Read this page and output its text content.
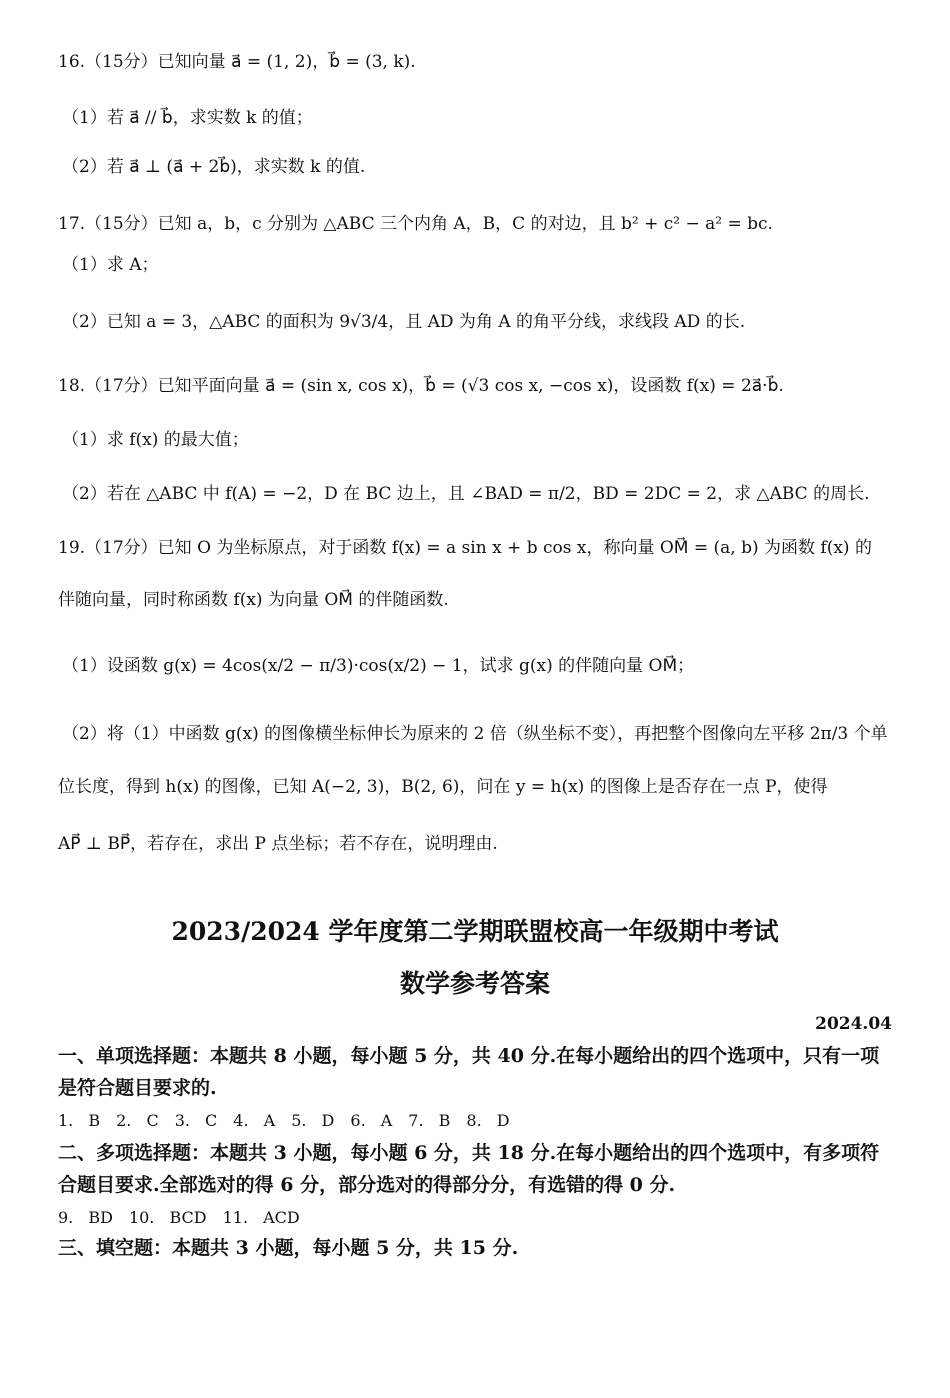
16.（15分）已知向量 a⃗ = (1, 2)，b⃗ = (3, k).
（1）若 a⃗ // b⃗，求实数 k 的值；
（2）若 a⃗ ⊥ (a⃗ + 2b⃗)，求实数 k 的值.
17.（15分）已知 a，b，c 分别为 △ABC 三个内角 A，B，C 的对边，且 b² + c² − a² = bc.
（1）求 A；
（2）已知 a = 3，△ABC 的面积为 9√3/4，且 AD 为角 A 的角平分线，求线段 AD 的长.
18.（17分）已知平面向量 a⃗ = (sin x, cos x)，b⃗ = (√3 cos x, −cos x)，设函数 f(x) = 2a⃗·b⃗.
（1）求 f(x) 的最大值；
（2）若在 △ABC 中 f(A) = −2，D 在 BC 边上，且 ∠BAD = π/2，BD = 2DC = 2，求 △ABC 的周长.
19.（17分）已知 O 为坐标原点，对于函数 f(x) = a sin x + b cos x，称向量 OM⃗ = (a, b) 为函数 f(x) 的
伴随向量，同时称函数 f(x) 为向量 OM⃗ 的伴随函数.
（1）设函数 g(x) = 4cos(x/2 − π/3)·cos(x/2) − 1，试求 g(x) 的伴随向量 OM⃗；
（2）将（1）中函数 g(x) 的图像横坐标伸长为原来的 2 倍（纵坐标不变），再把整个图像向左平移 2π/3 个单
位长度，得到 h(x) 的图像，已知 A(−2, 3)，B(2, 6)，问在 y = h(x) 的图像上是否存在一点 P，使得
AP⃗ ⊥ BP⃗，若存在，求出 P 点坐标；若不存在，说明理由.
2023/2024 学年度第二学期联盟校高一年级期中考试
数学参考答案
2024.04
一、单项选择题：本题共 8 小题，每小题 5 分，共 40 分.在每小题给出的四个选项中，只有一项是符合题目要求的.
1. B　2. C　3. C　4. A　5. D　6. A　7. B　8. D
二、多项选择题：本题共 3 小题，每小题 6 分，共 18 分.在每小题给出的四个选项中，有多项符合题目要求.全部选对的得 6 分，部分选对的得部分分，有选错的得 0 分.
9. BD　10. BCD　11. ACD
三、填空题：本题共 3 小题，每小题 5 分，共 15 分.
